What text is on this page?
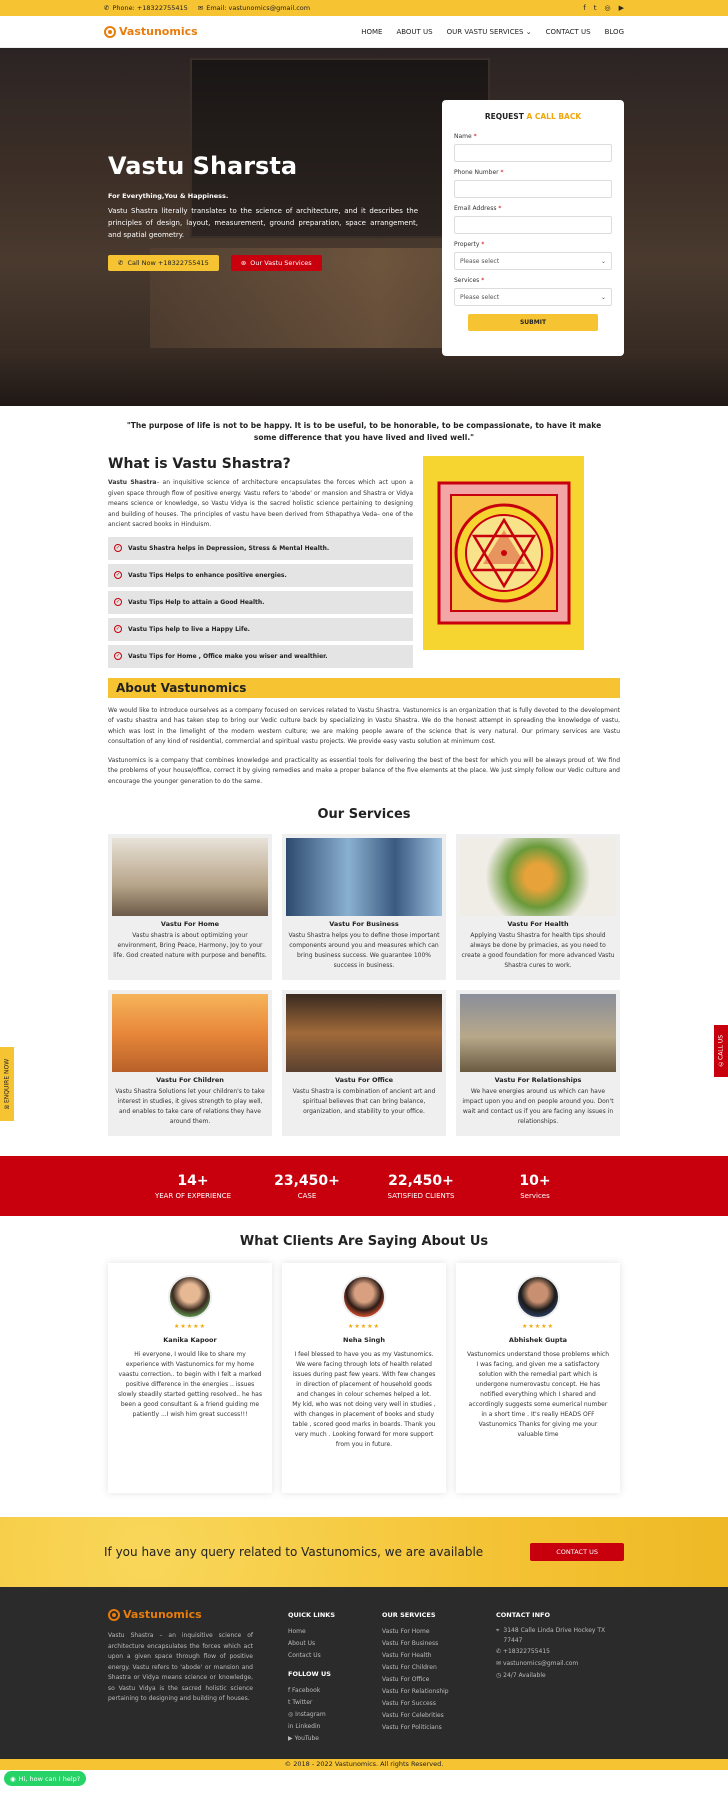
✆ Phone: +18322755415 ✉ Email: vastunomics@gmail.com	f t ◎ ▶
Vastunomics	HOME ABOUT US OUR VASTU SERVICES ⌄ CONTACT US BLOG
Vastu Sharsta
For Everything,You & Happiness.
Vastu Shastra literally translates to the science of architecture, and it describes the principles of design, layout, measurement, ground preparation, space arrangement, and spatial geometry.
✆ Call Now +18322755415	⊛ Our Vastu Services
REQUEST A CALL BACK
Name *
Phone Number *
Email Address *
Property *
Please select	⌄
Services *
Please select	⌄
SUBMIT
"The purpose of life is not to be happy. It is to be useful, to be honorable, to be compassionate, to have it make some difference that you have lived and lived well."
What is Vastu Shastra?

Vastu Shastra– an inquisitive science of architecture encapsulates the forces which act upon a given space through flow of positive energy. Vastu refers to 'abode' or mansion and Shastra or Vidya means science or knowledge, so Vastu Vidya is the sacred holistic science pertaining to designing and building of houses. The principles of vastu have been derived from Sthapathya Veda– one of the ancient sacred books in Hinduism.

✓	Vastu Shastra helps in Depression, Stress & Mental Health.
✓	Vastu Tips Helps to enhance positive energies.
✓	Vastu Tips Help to attain a Good Health.
✓	Vastu Tips help to live a Happy Life.
✓	Vastu Tips for Home , Office make you wiser and wealthier.
About Vastunomics

We would like to introduce ourselves as a company focused on services related to Vastu Shastra. Vastunomics is an organization that is fully devoted to the development of vastu shastra and has taken step to bring our Vedic culture back by specializing in Vastu Shastra. We do the honest attempt in spreading the knowledge of vastu, which was lost in the limelight of the modern western culture; we are making people aware of the science that is very natural. Our primary services are Vastu consultation of any kind of residential, commercial and spiritual vastu projects. We provide easy vastu solution at minimum cost.

Vastunomics is a company that combines knowledge and practicality as essential tools for delivering the best of the best for which you will be always proud of. We find the problems of your house/office, correct it by giving remedies and make a proper balance of the five elements at the place. We just simply follow our Vedic culture and encourage the younger generation to do the same.

Our Services
Vastu For Home

Vastu shastra is about optimizing your environment, Bring Peace, Harmony, Joy to your life. God created nature with purpose and benefits.

Vastu For Business

Vastu Shastra helps you to define those important components around you and measures which can bring business success. We guarantee 100% success in business.

Vastu For Health

Applying Vastu Shastra for health tips should always be done by primacies, as you need to create a good foundation for more advanced Vastu Shastra cures to work.

Vastu For Children

Vastu Shastra Solutions let your children's to take interest in studies, it gives strength to play well, and enables to take care of relations they have around them.

Vastu For Office

Vastu Shastra is combination of ancient art and spiritual believes that can bring balance, organization, and stability to your office.

Vastu For Relationships

We have energies around us which can have impact upon you and on people around you. Don't wait and contact us if you are facing any issues in relationships.

14+
YEAR OF EXPERIENCE
23,450+
CASE
22,450+
SATISFIED CLIENTS
10+
Services
What Clients Are Saying About Us
★★★★★
Kanika Kapoor

Hi everyone, I would like to share my experience with Vastunomics for my home vaastu correction.. to begin with I felt a marked positive difference in the energies .. issues slowly steadily started getting resolved.. he has been a good consultant & a friend guiding me patiently ...I wish him great success!!!

★★★★★
Neha Singh

I feel blessed to have you as my Vastunomics. We were facing through lots of health related issues during past few years. With few changes in direction of placement of household goods and changes in colour schemes helped a lot. My kid, who was not doing very well in studies , with changes in placement of books and study table , scored good marks in boards. Thank you very much . Looking forward for more support from you in future.

★★★★★
Abhishek Gupta

Vastunomics understand those problems which I was facing, and given me a satisfactory solution with the remedial part which is undergone numerovastu concept. He has notified everything which I shared and accordingly suggests some eumerical number in a short time . It's really HEADS OFF Vastunomics Thanks for giving me your valuable time

If you have any query related to Vastunomics, we are available	CONTACT US
Vastunomics
Vastu Shastra – an inquisitive science of architecture encapsulates the forces which act upon a given space through flow of positive energy. Vastu refers to 'abode' or mansion and Shastra or Vidya means science or knowledge, so Vastu Vidya is the sacred holistic science pertaining to designing and building of houses.
QUICK LINKS
Home
About Us
Contact Us
FOLLOW US
f Facebook
t Twitter
◎ Instagram
in Linkedin
▶ YouTube
OUR SERVICES
Vastu For Home
Vastu For Business
Vastu For Health
Vastu For Children
Vastu For Office
Vastu For Relationship
Vastu For Success
Vastu For Celebrities
Vastu For Politicians
CONTACT INFO
⌖ 3148 Calle Linda Drive Hockey TX 77447
✆ +18322755415
✉ vastunomics@gmail.com
◷ 24/7 Available
© 2018 - 2022 Vastunomics. All rights Reserved.
✉
ENQUIRE NOW	✆
CALL US
◉ Hi, how can I help?
